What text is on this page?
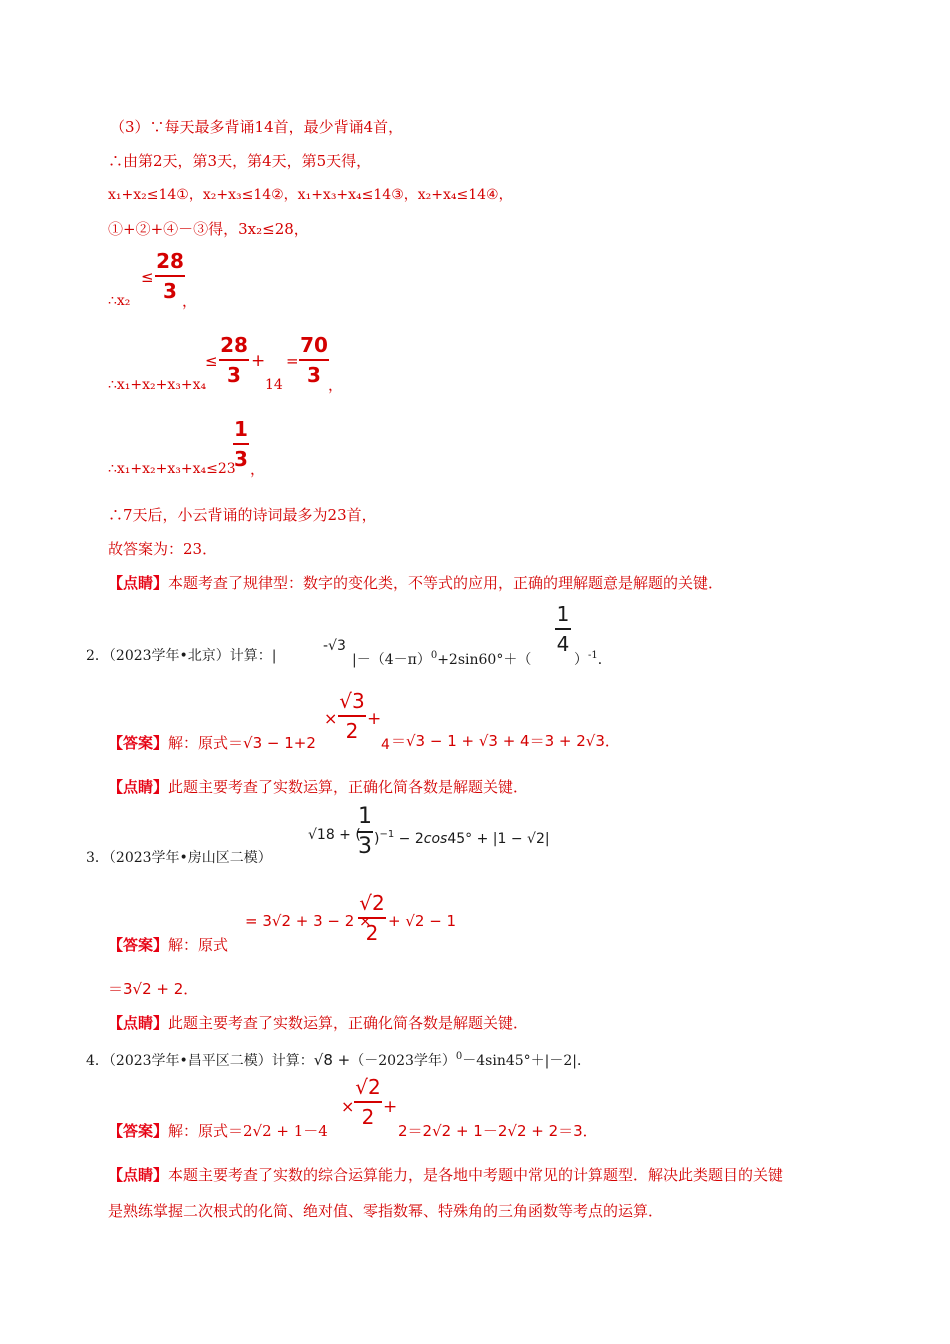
（3）∵每天最多背诵14首，最少背诵4首，
∴由第2天，第3天，第4天，第5天得，
x₁+x₂≤14①，x₂+x₃≤14②，x₁+x₃+x₄≤14③，x₂+x₄≤14④，
①+②+④－③得，3x₂≤28，
∴x₂
≤
28
3 ，
∴x₁+x₂+x₃+x₄
≤
28
3
+
14
=
70
3 ，
∴x₁+x₂+x₃+x₄≤23
1
3 ，
∴7天后，小云背诵的诗词最多为23首，
故答案为：23．
【点睛】本题考查了规律型：数字的变化类，不等式的应用，正确的理解题意是解题的关键．
2．（2023学年•北京）计算：|
-√3
$|-(4-\pi)^0+2\sin 60^\circ+$（
1
4
）$^{-1}$．
【答案】解：原式＝√3 − 1+2
×
√3
2 +
4 ＝√3 − 1 + √3 + 4＝3 + 2√3．
【点睛】此题主要考查了实数运算，正确化简各数是解题关键．
3．（2023学年•房山区二模）
√18 + (
1
3 )$^{-1}$ − 2cos45° + |1 − √2|
【答案】解：原式
= 3√2 + 3 − 2 ×
√2
2 + √2 − 1
＝3√2 + 2．
【点睛】此题主要考查了实数运算，正确化简各数是解题关键．
4．（2023学年•昌平区二模）计算：√8 +（－2023学年）$^0$－4sin45°＋|－2|．
【答案】解：原式＝2√2 + 1－4
×
√2
2 +
2＝2√2 + 1－2√2 + 2＝3．
【点睛】本题主要考查了实数的综合运算能力，是各地中考题中常见的计算题型．解决此类题目的关键
是熟练掌握二次根式的化简、绝对值、零指数幂、特殊角的三角函数等考点的运算．
